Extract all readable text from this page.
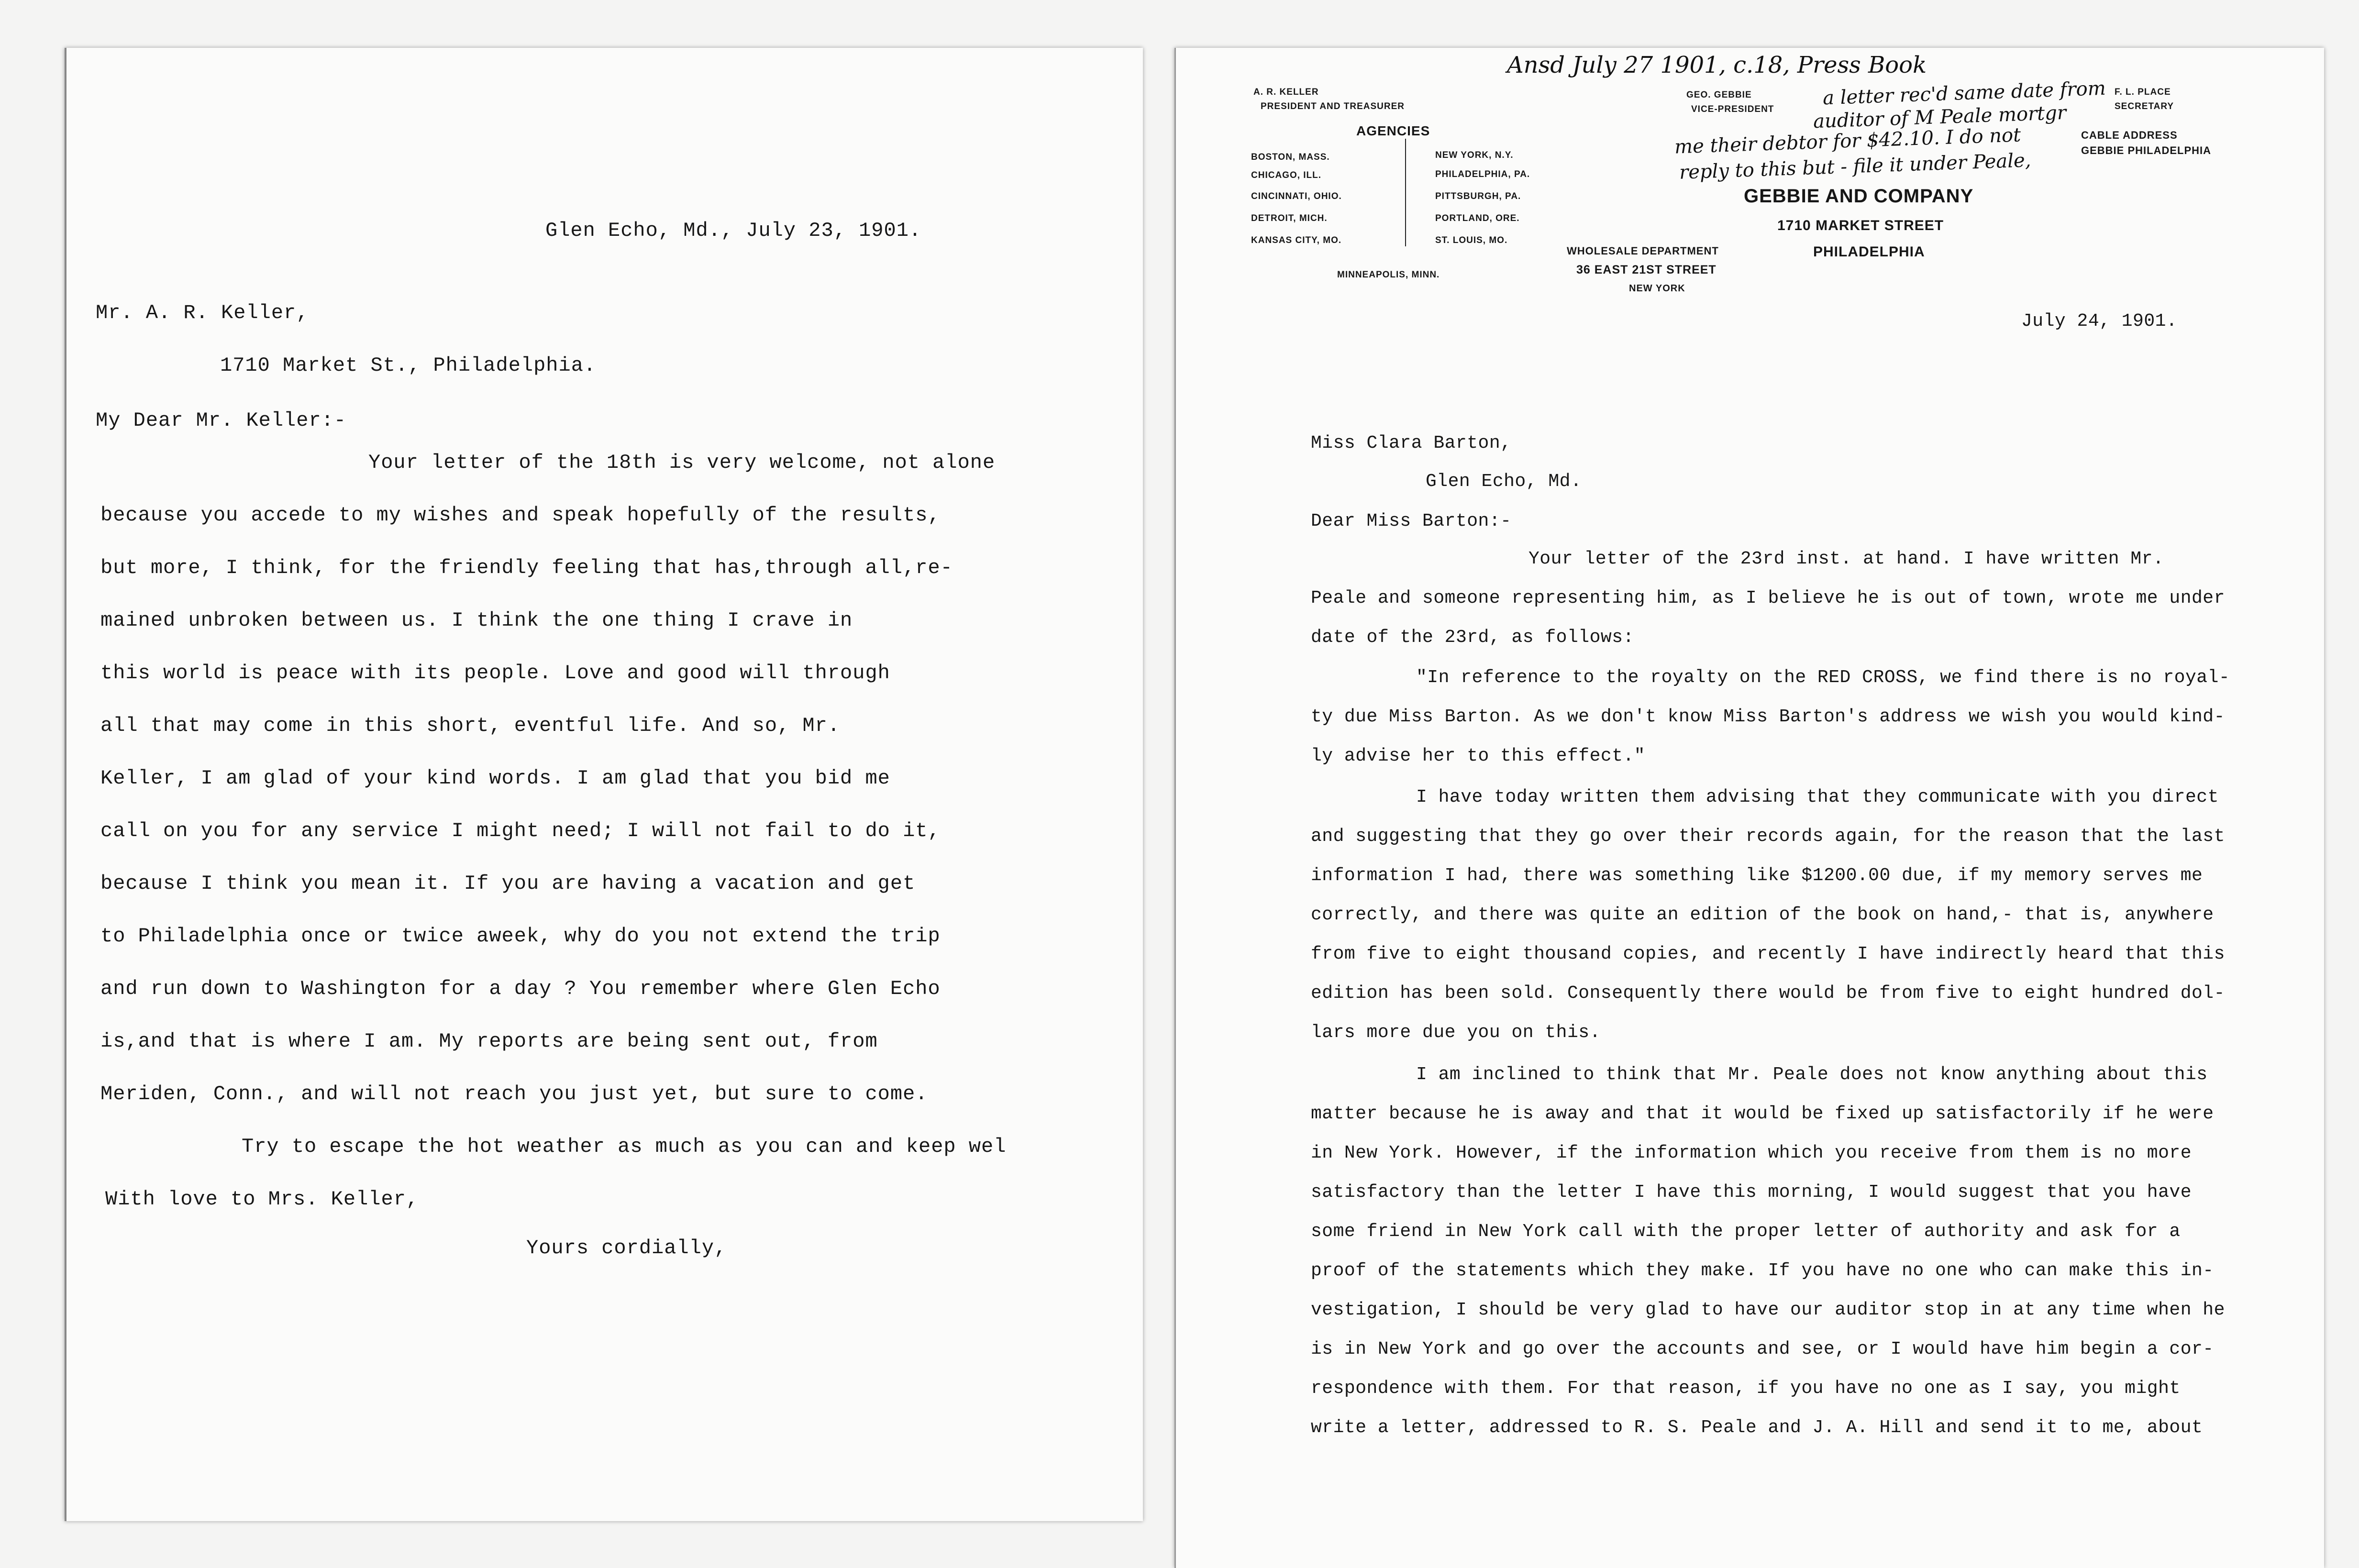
Glen Echo, Md., July 23, 1901.
Mr. A. R. Keller,
1710 Market St., Philadelphia.
My Dear Mr. Keller:-
Your letter of the 18th is very welcome, not alone
because you accede to my wishes and speak hopefully of the results,
but more, I think, for the friendly feeling that has,through all,re-
mained unbroken between us. I think the one thing I crave in
this world is peace with its people. Love and good will through
all that may come in this short, eventful life. And so, Mr.
Keller, I am glad of your kind words. I am glad that you bid me
call on you for any service I might need; I will not fail to do it,
because I think you mean it. If you are having a vacation and get
to Philadelphia once or twice aweek, why do you not extend the trip
and run down to Washington for a day ? You remember where Glen Echo
is,and that is where I am. My reports are being sent out, from
Meriden, Conn., and will not reach you just yet, but sure to come.
Try to escape the hot weather as much as you can and keep wel
With love to Mrs. Keller,
Yours cordially,
Ansd July 27 1901, c.18, Press Book
a letter rec'd same date from
auditor of M Peale mortgr
me their debtor for $42.10. I do not
reply to this but - file it under Peale,
A. R. KELLER
PRESIDENT AND TREASURER
GEO. GEBBIE
VICE-PRESIDENT
F. L. PLACE
SECRETARY
AGENCIES
BOSTON, MASS.
CHICAGO, ILL.
CINCINNATI, OHIO.
DETROIT, MICH.
KANSAS CITY, MO.
NEW YORK, N.Y.
PHILADELPHIA, PA.
PITTSBURGH, PA.
PORTLAND, ORE.
ST. LOUIS, MO.
MINNEAPOLIS, MINN.
CABLE ADDRESS
GEBBIE PHILADELPHIA
GEBBIE AND COMPANY
1710 MARKET STREET
PHILADELPHIA
WHOLESALE DEPARTMENT
36 EAST 21ST STREET
NEW YORK
July 24, 1901.
Miss Clara Barton,
Glen Echo, Md.
Dear Miss Barton:-
Your letter of the 23rd inst. at hand. I have written Mr.
Peale and someone representing him, as I believe he is out of town, wrote me under
date of the 23rd, as follows:
"In reference to the royalty on the RED CROSS, we find there is no royal-
ty due Miss Barton. As we don't know Miss Barton's address we wish you would kind-
ly advise her to this effect."
I have today written them advising that they communicate with you direct
and suggesting that they go over their records again, for the reason that the last
information I had, there was something like $1200.00 due, if my memory serves me
correctly, and there was quite an edition of the book on hand,- that is, anywhere
from five to eight thousand copies, and recently I have indirectly heard that this
edition has been sold. Consequently there would be from five to eight hundred dol-
lars more due you on this.
I am inclined to think that Mr. Peale does not know anything about this
matter because he is away and that it would be fixed up satisfactorily if he were
in New York. However, if the information which you receive from them is no more
satisfactory than the letter I have this morning, I would suggest that you have
some friend in New York call with the proper letter of authority and ask for a
proof of the statements which they make. If you have no one who can make this in-
vestigation, I should be very glad to have our auditor stop in at any time when he
is in New York and go over the accounts and see, or I would have him begin a cor-
respondence with them. For that reason, if you have no one as I say, you might
write a letter, addressed to R. S. Peale and J. A. Hill and send it to me, about
